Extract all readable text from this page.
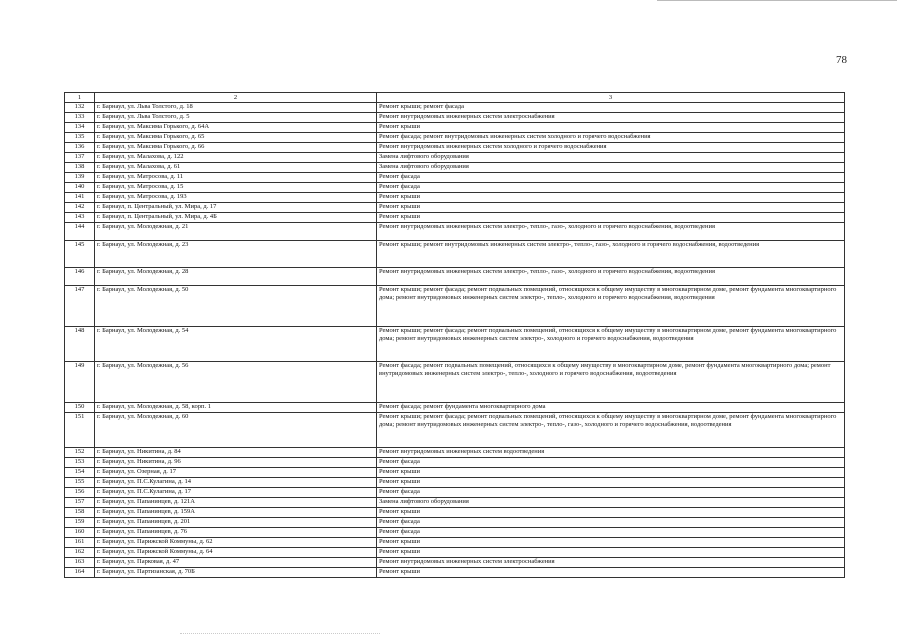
78
1	2	3
132	г. Барнаул, ул. Льва Толстого, д. 18	Ремонт крыши; ремонт фасада
133	г. Барнаул, ул. Льва Толстого, д. 5	Ремонт внутридомовых инженерных систем электроснабжения
134	г. Барнаул, ул. Максима Горького, д. 64А	Ремонт крыши
135	г. Барнаул, ул. Максима Горького, д. 65	Ремонт фасада; ремонт внутридомовых инженерных систем холодного и горячего водоснабжения
136	г. Барнаул, ул. Максима Горького, д. 66	Ремонт внутридомовых инженерных систем холодного и горячего водоснабжения
137	г. Барнаул, ул. Малахова, д. 122	Замена лифтового оборудования
138	г. Барнаул, ул. Малахова, д. 61	Замена лифтового оборудования
139	г. Барнаул, ул. Матросова, д. 11	Ремонт фасада
140	г. Барнаул, ул. Матросова, д. 15	Ремонт фасада
141	г. Барнаул, ул. Матросова, д. 193	Ремонт крыши
142	г. Барнаул, п. Центральный, ул. Мира, д. 17	Ремонт крыши
143	г. Барнаул, п. Центральный, ул. Мира, д. 4Б	Ремонт крыши
144	г. Барнаул, ул. Молодежная, д. 21	Ремонт внутридомовых инженерных систем электро-, тепло-, газо-, холодного и горячего водоснабжения, водоотведения
145	г. Барнаул, ул. Молодежная, д. 23	Ремонт крыши; ремонт внутридомовых инженерных систем электро-, тепло-, газо-, холодного и горячего водоснабжения, водоотведения
146	г. Барнаул, ул. Молодежная, д. 28	Ремонт внутридомовых инженерных систем электро-, тепло-, газо-, холодного и горячего водоснабжения, водоотведения
147	г. Барнаул, ул. Молодежная, д. 50	Ремонт крыши; ремонт фасада; ремонт подвальных помещений, относящихся к общему имуществу в многоквартирном доме, ремонт фундамента многоквартирного дома; ремонт внутридомовых инженерных систем электро-, тепло-, холодного и горячего водоснабжения, водоотведения
148	г. Барнаул, ул. Молодежная, д. 54	Ремонт крыши; ремонт фасада; ремонт подвальных помещений, относящихся к общему имуществу в многоквартирном доме, ремонт фундамента многоквартирного дома; ремонт внутридомовых инженерных систем электро-, холодного и горячего водоснабжения, водоотведения
149	г. Барнаул, ул. Молодежная, д. 56	Ремонт фасада; ремонт подвальных помещений, относящихся к общему имуществу в многоквартирном доме, ремонт фундамента многоквартирного дома; ремонт внутридомовых инженерных систем электро-, тепло-, холодного и горячего водоснабжения, водоотведения
150	г. Барнаул, ул. Молодежная, д. 58, корп. 1	Ремонт фасада; ремонт фундамента многоквартирного дома
151	г. Барнаул, ул. Молодежная, д. 60	Ремонт крыши; ремонт фасада; ремонт подвальных помещений, относящихся к общему имуществу в многоквартирном доме, ремонт фундамента многоквартирного дома; ремонт внутридомовых инженерных систем электро-, тепло-, газо-, холодного и горячего водоснабжения, водоотведения
152	г. Барнаул, ул. Никитина, д. 84	Ремонт внутридомовых инженерных систем водоотведения
153	г. Барнаул, ул. Никитина, д. 96	Ремонт фасада
154	г. Барнаул, ул. Озерная, д. 17	Ремонт крыши
155	г. Барнаул, ул. П.С.Кулагина, д. 14	Ремонт крыши
156	г. Барнаул, ул. П.С.Кулагина, д. 17	Ремонт фасада
157	г. Барнаул, ул. Папанинцев, д. 121А	Замена лифтового оборудования
158	г. Барнаул, ул. Папанинцев, д. 159А	Ремонт крыши
159	г. Барнаул, ул. Папанинцев, д. 201	Ремонт фасада
160	г. Барнаул, ул. Папанинцев, д. 76	Ремонт фасада
161	г. Барнаул, ул. Парижской Коммуны, д. 62	Ремонт крыши
162	г. Барнаул, ул. Парижской Коммуны, д. 64	Ремонт крыши
163	г. Барнаул, ул. Парковая, д. 47	Ремонт внутридомовых инженерных систем электроснабжения
164	г. Барнаул, ул. Партизанская, д. 70Б	Ремонт крыши
